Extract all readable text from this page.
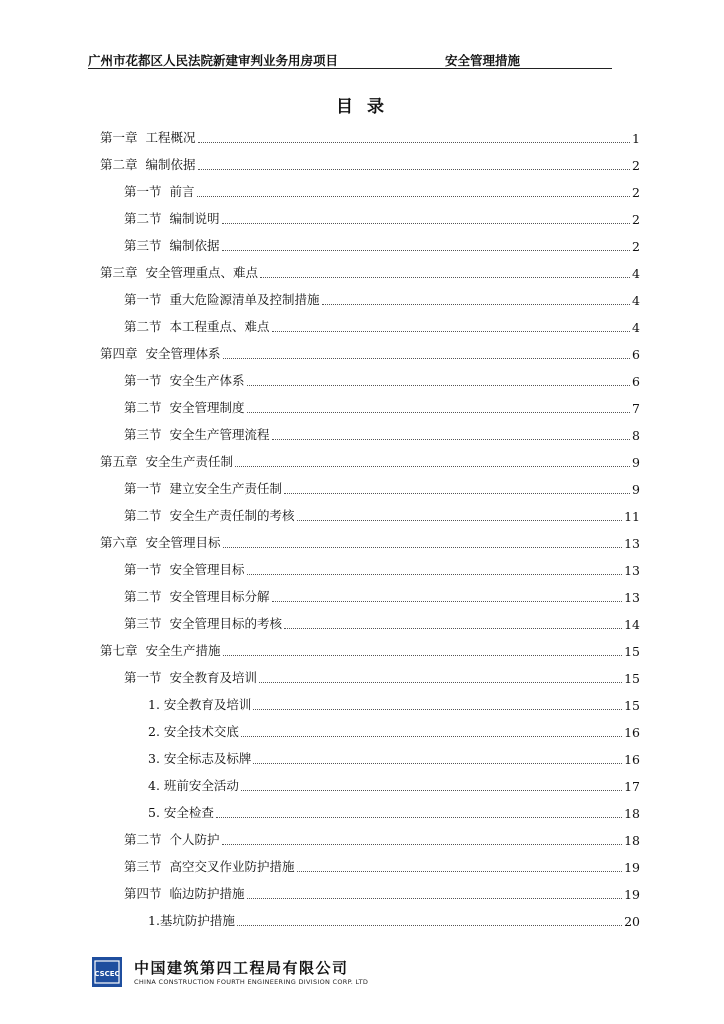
广州市花都区人民法院新建审判业务用房项目	安全管理措施
目 录
第一章 工程概况	1
第二章 编制依据	2
第一节 前言	2
第二节 编制说明	2
第三节 编制依据	2
第三章 安全管理重点、难点	4
第一节 重大危险源清单及控制措施	4
第二节 本工程重点、难点	4
第四章 安全管理体系	6
第一节 安全生产体系	6
第二节 安全管理制度	7
第三节 安全生产管理流程	8
第五章 安全生产责任制	9
第一节 建立安全生产责任制	9
第二节 安全生产责任制的考核	11
第六章 安全管理目标	13
第一节 安全管理目标	13
第二节 安全管理目标分解	13
第三节 安全管理目标的考核	14
第七章 安全生产措施	15
第一节 安全教育及培训	15
1. 安全教育及培训	15
2. 安全技术交底	16
3. 安全标志及标牌	16
4. 班前安全活动	17
5. 安全检查	18
第二节 个人防护	18
第三节 高空交叉作业防护措施	19
第四节 临边防护措施	19
1.基坑防护措施	20
CSCEC 中国建筑第四工程局有限公司
CHINA CONSTRUCTION FOURTH ENGINEERING DIVISION CORP. LTD
